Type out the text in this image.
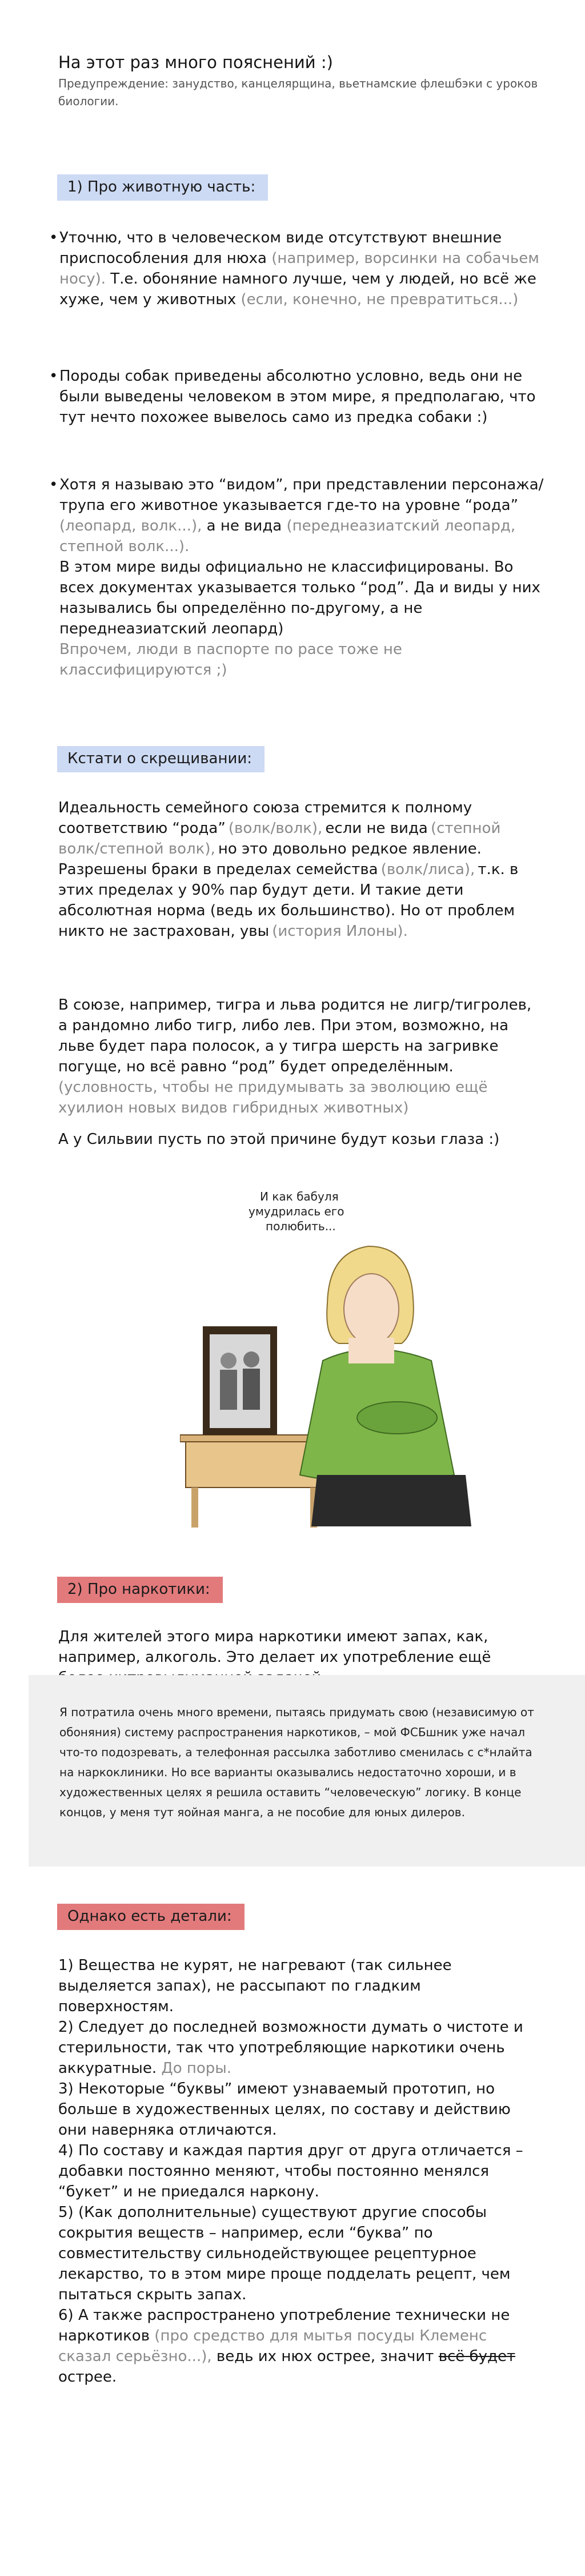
На этот раз много пояснений :)
Предупреждение: занудство, канцелярщина, вьетнамские флешбэки с уроков биологии.
1) Про животную часть:
• Уточню, что в человеческом виде отсутствуют внешние приспособления для нюха (например, ворсинки на собачьем носу). Т.е. обоняние намного лучше, чем у людей, но всё же хуже, чем у животных (если, конечно, не превратиться...)
• Породы собак приведены абсолютно условно, ведь они не были выведены человеком в этом мире, я предполагаю, что тут нечто похожее вывелось само из предка собаки :)
• Хотя я называю это “видом”, при представлении персонажа/трупа его животное указывается где-то на уровне “рода” (леопард, волк...), а не вида (переднеазиатский леопард, степной волк...).
В этом мире виды официально не классифицированы. Во всех документах указывается только “род”. Да и виды у них назывались бы определённо по-другому, а не переднеазиатский леопард)
Впрочем, люди в паспорте по расе тоже не классифицируются ;)
Кстати о скрещивании:
Идеальность семейного союза стремится к полному соответствию “рода” (волк/волк), если не вида (степной волк/степной волк), но это довольно редкое явление. Разрешены браки в пределах семейства (волк/лиса), т.к. в этих пределах у 90% пар будут дети. И такие дети абсолютная норма (ведь их большинство). Но от проблем никто не застрахован, увы (история Илоны).
В союзе, например, тигра и льва родится не лигр/тигролев, а рандомно либо тигр, либо лев. При этом, возможно, на льве будет пара полосок, а у тигра шерсть на загривке погуще, но всё равно “род” будет определённым. (условность, чтобы не придумывать за эволюцию ещё хуилион новых видов гибридных животных)
А у Сильвии пусть по этой причине будут козьи глаза :)
И как бабуля умудрилась его полюбить...
2) Про наркотики:
Для жителей этого мира наркотики имеют запах, как, например, алкоголь. Это делает их употребление ещё
Я потратила очень много времени, пытаясь придумать свою (независимую от обоняния) систему распространения наркотиков, – мой ФСБшник уже начал что-то подозревать, а телефонная рассылка заботливо сменилась с с*нлайта на наркоклиники. Но все варианты оказывались недостаточно хороши, и в художественных целях я решила оставить “человеческую” логику. В конце концов, у меня тут яойная манга, а не пособие для юных дилеров.
Однако есть детали:
1) Вещества не курят, не нагревают (так сильнее выделяется запах), не рассыпают по гладким поверхностям.
2) Следует до последней возможности думать о чистоте и стерильности, так что употребляющие наркотики очень аккуратные. До поры.
3) Некоторые “буквы” имеют узнаваемый прототип, но больше в художественных целях, по составу и действию они наверняка отличаются.
4) По составу и каждая партия друг от друга отличается – добавки постоянно меняют, чтобы постоянно менялся “букет” и не приедался наркону.
5) (Как дополнительные) существуют другие способы сокрытия веществ – например, если “буква” по совместительству сильнодействующее рецептурное лекарство, то в этом мире проще подделать рецепт, чем пытаться скрыть запах.
6) А также распространено употребление технически не наркотиков (про средство для мытья посуды Клеменс сказал серьёзно...), ведь их нюх острее, значит всё будет острее.
